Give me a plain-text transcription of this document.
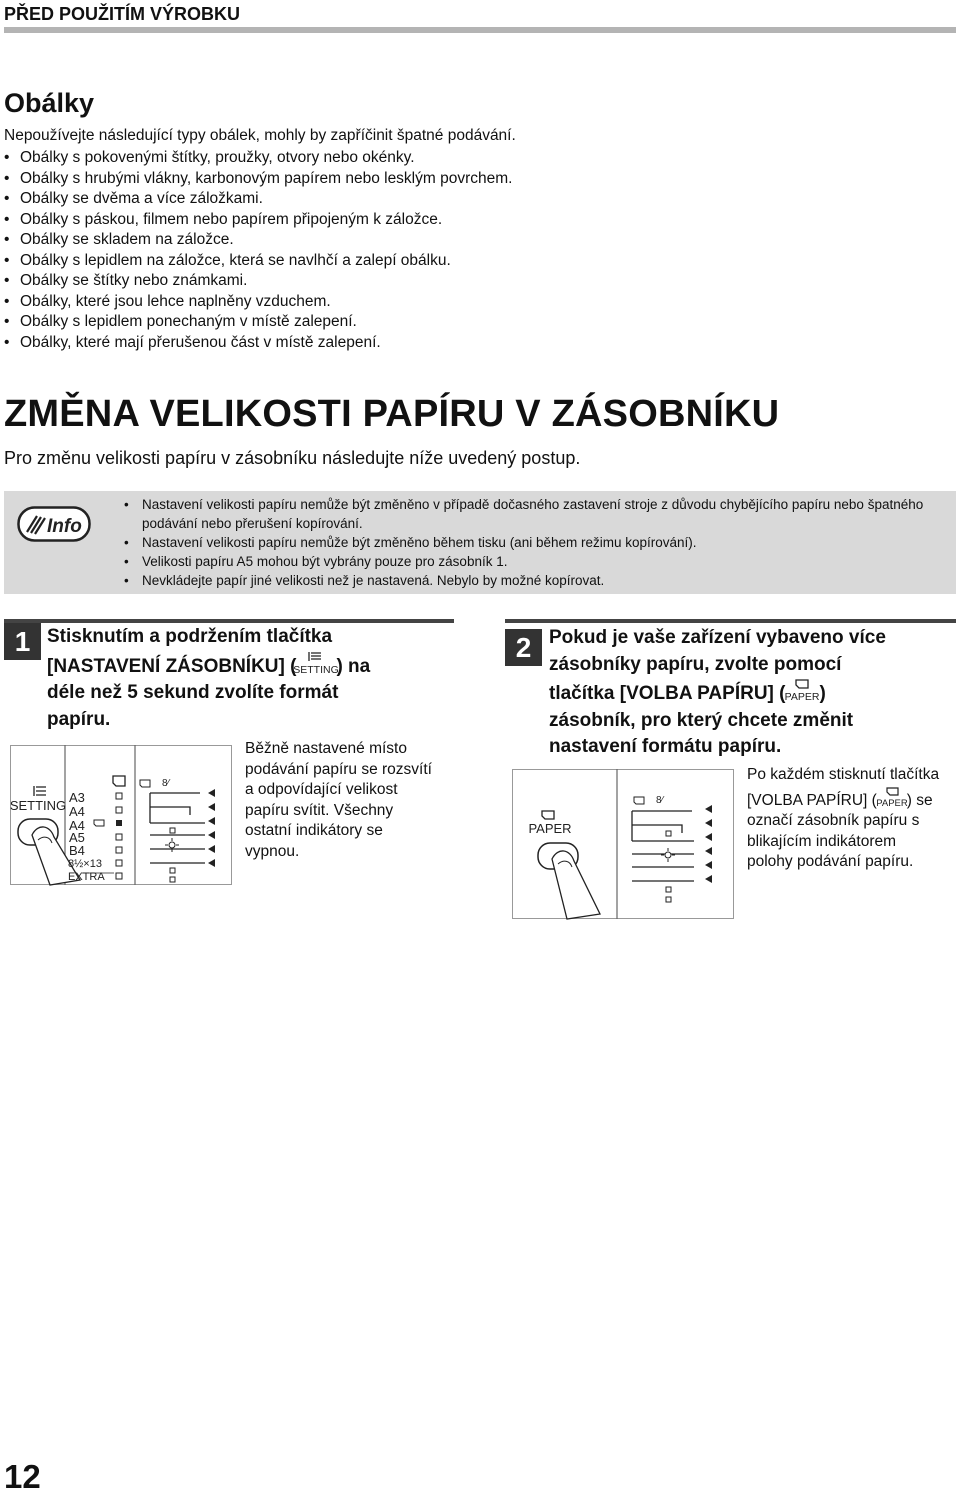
PŘED POUŽITÍM VÝROBKU
Obálky
Nepoužívejte následující typy obálek, mohly by zapříčinit špatné podávání.
• Obálky s pokovenými štítky, proužky, otvory nebo okénky.
• Obálky s hrubými vlákny, karbonovým papírem nebo lesklým povrchem.
• Obálky se dvěma a více záložkami.
• Obálky s páskou, filmem nebo papírem připojeným k záložce.
• Obálky se skladem na záložce.
• Obálky s lepidlem na záložce, která se navlhčí a zalepí obálku.
• Obálky se štítky nebo známkami.
• Obálky, které jsou lehce naplněny vzduchem.
• Obálky s lepidlem ponechaným v místě zalepení.
• Obálky, které mají přerušenou část v místě zalepení.
ZMĚNA VELIKOSTI PAPÍRU V ZÁSOBNÍKU
Pro změnu velikosti papíru v zásobníku následujte níže uvedený postup.
Info
• Nastavení velikosti papíru nemůže být změněno v případě dočasného zastavení stroje z důvodu chybějícího papíru nebo špatného podávání nebo přerušení kopírování.
• Nastavení velikosti papíru nemůže být změněno během tisku (ani během režimu kopírování).
• Velikosti papíru A5 mohou být vybrány pouze pro zásobník 1.
• Nevkládejte papír jiné velikosti než je nastavená. Nebylo by možné kopírovat.
1 Stisknutím a podržením tlačítka
[NASTAVENÍ ZÁSOBNÍKU] (
SETTING
) na
déle než 5 sekund zvolíte formát
papíru.
SETTING
A3
A4
A4
A5
B4
8½×13
EXTRA
8⁄
Běžně nastavené místo
podávání papíru se rozsvítí
a odpovídající velikost
papíru svítit. Všechny
ostatní indikátory se
vypnou.
2 Pokud je vaše zařízení vybaveno více
zásobníky papíru, zvolte pomocí
tlačítka [VOLBA PAPÍRU] ( PAPER )
zásobník, pro který chcete změnit
nastavení formátu papíru.
PAPER
8⁄
Po každém stisknutí tlačítka
[VOLBA PAPÍRU] ( PAPER ) se
označí zásobník papíru s
blikajícím indikátorem
polohy podávání papíru.
12
